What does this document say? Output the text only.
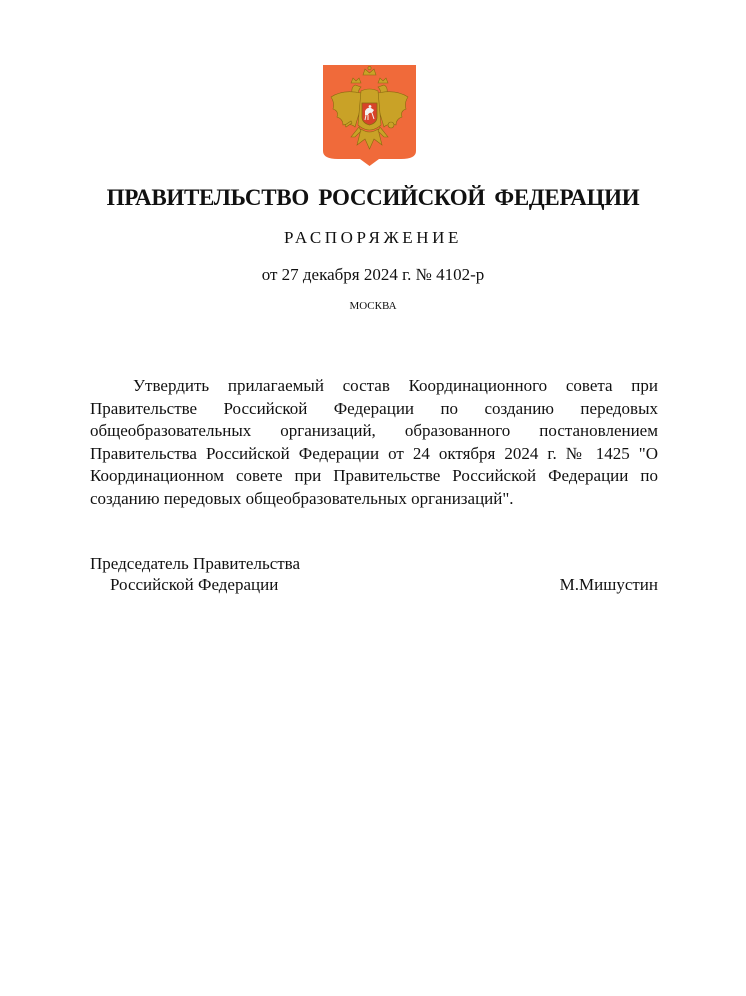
ПРАВИТЕЛЬСТВО РОССИЙСКОЙ ФЕДЕРАЦИИ
РАСПОРЯЖЕНИЕ
от 27 декабря 2024 г. № 4102-р
МОСКВА

Утвердить прилагаемый состав Координационного совета при Правительстве Российской Федерации по созданию передовых общеобразовательных организаций, образованного постановлением Правительства Российской Федерации от 24 октября 2024 г. № 1425 "О Координационном совете при Правительстве Российской Федерации по созданию передовых общеобразовательных организаций".

Председатель Правительства
Российской Федерации	М.Мишустин
